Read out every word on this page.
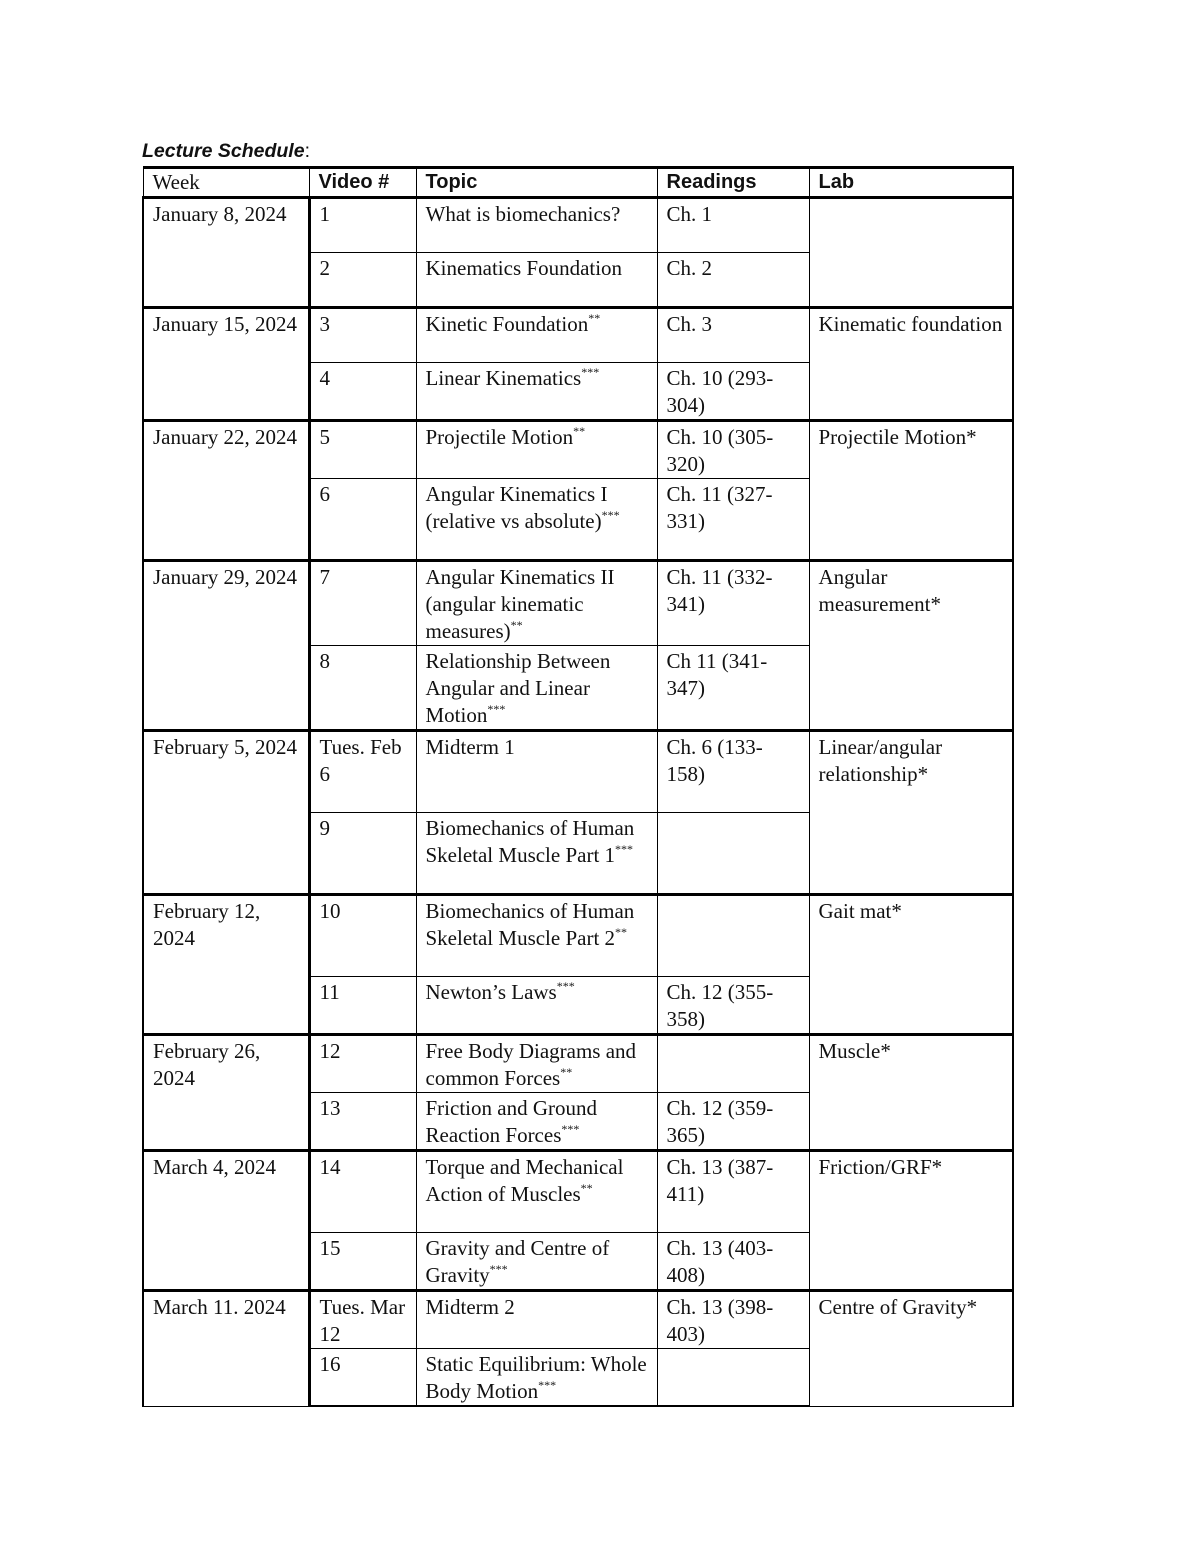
Lecture Schedule:
Week	Video #	Topic	Readings	Lab
January 8, 2024	1	What is biomechanics?	Ch. 1	
	2	Kinematics Foundation	Ch. 2	
January 15, 2024	3	Kinetic Foundation**	Ch. 3	Kinematic foundation
	4	Linear Kinematics***	Ch. 10 (293-304)	
January 22, 2024	5	Projectile Motion**	Ch. 10 (305-320)	Projectile Motion*
	6	Angular Kinematics I (relative vs absolute)***	Ch. 11 (327-331)	
January 29, 2024	7	Angular Kinematics II (angular kinematic measures)**	Ch. 11 (332-341)	Angular measurement*
	8	Relationship Between Angular and Linear Motion***	Ch 11 (341-347)	
February 5, 2024	Tues. Feb 6	Midterm 1	Ch. 6 (133-158)	Linear/angular relationship*
	9	Biomechanics of Human Skeletal Muscle Part 1***	
February 12, 2024	10	Biomechanics of Human Skeletal Muscle Part 2**		Gait mat*
	11	Newton’s Laws***	Ch. 12 (355-358)	
February 26, 2024	12	Free Body Diagrams and common Forces**		Muscle*
	13	Friction and Ground Reaction Forces***	Ch. 12 (359-365)	
March 4, 2024	14	Torque and Mechanical Action of Muscles**	Ch. 13 (387-411)	Friction/GRF*
	15	Gravity and Centre of Gravity***	Ch. 13 (403-408)	
March 11. 2024	Tues. Mar 12	Midterm 2	Ch. 13 (398-403)	Centre of Gravity*
	16	Static Equilibrium: Whole Body Motion***	
